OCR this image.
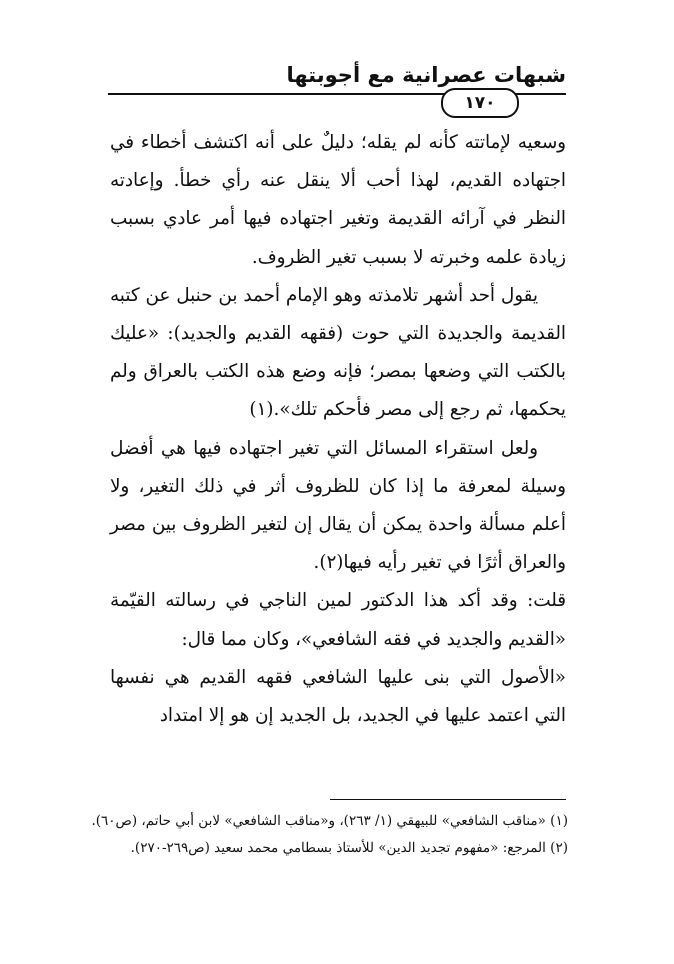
شبهات عصرانية مع أجوبتها
١٧٠

وسعيه لإماتته كأنه لم يقله؛ دليلٌ على أنه اكتشف أخطاء في اجتهاده القديم، لهذا أحب ألا ينقل عنه رأي خطأ. وإعادته النظر في آرائه القديمة وتغير اجتهاده فيها أمر عادي بسبب زيادة علمه وخبرته لا بسبب تغير الظروف.

يقول أحد أشهر تلامذته وهو الإمام أحمد بن حنبل عن كتبه القديمة والجديدة التي حوت (فقهه القديم والجديد): «عليك بالكتب التي وضعها بمصر؛ فإنه وضع هذه الكتب بالعراق ولم يحكمها، ثم رجع إلى مصر فأحكم تلك».(١)

ولعل استقراء المسائل التي تغير اجتهاده فيها هي أفضل وسيلة لمعرفة ما إذا كان للظروف أثر في ذلك التغير، ولا أعلم مسألة واحدة يمكن أن يقال إن لتغير الظروف بين مصر والعراق أثرًا في تغير رأيه فيها(٢).

قلت: وقد أكد هذا الدكتور لمين الناجي في رسالته القيّمة «القديم والجديد في فقه الشافعي»، وكان مما قال:

«الأصول التي بنى عليها الشافعي فقهه القديم هي نفسها التي اعتمد عليها في الجديد، بل الجديد إن هو إلا امتداد

(١) «مناقب الشافعي» للبيهقي (١/ ٢٦٣)، و«مناقب الشافعي» لابن أبي حاتم، (ص٦٠).

(٢) المرجع: «مفهوم تجديد الدين» للأستاذ بسطامي محمد سعيد (ص٢٦٩-٢٧٠).
